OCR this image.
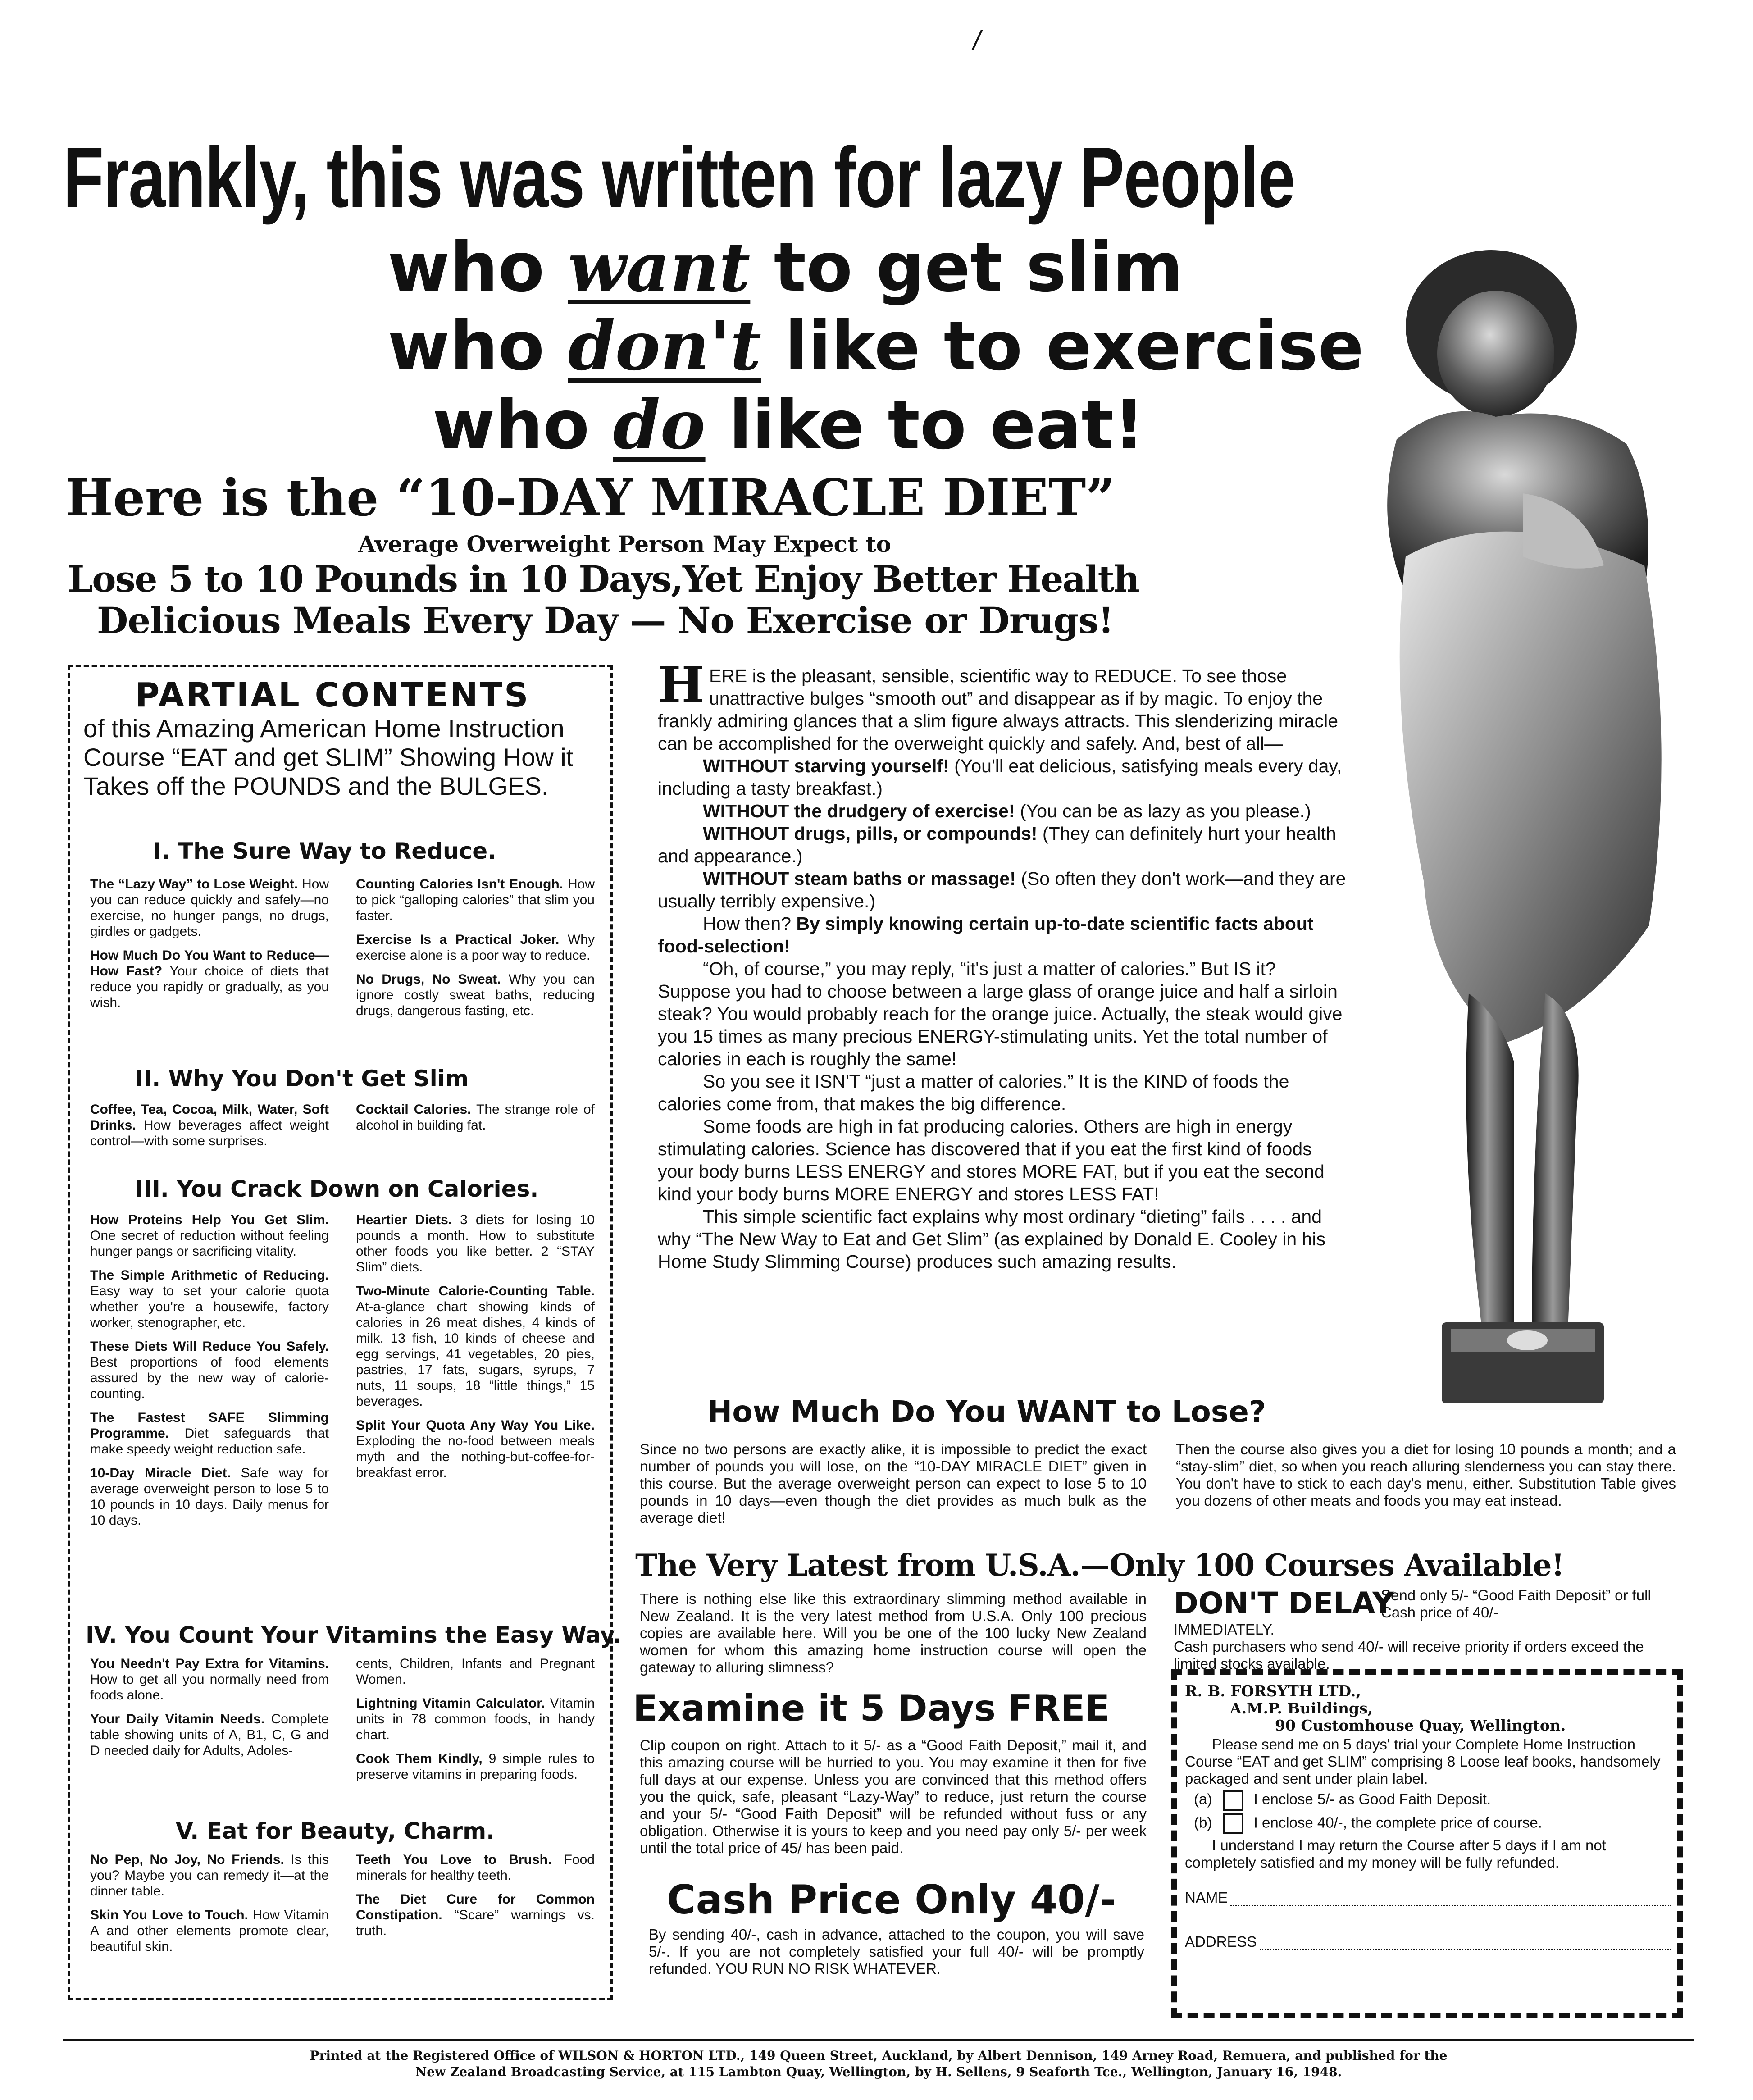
/
Frankly, this was written for lazy People
who want to get slim
who don't like to exercise
who do like to eat!
Here is the “10-DAY MIRACLE DIET”
Average Overweight Person May Expect to
Lose 5 to 10 Pounds in 10 Days,Yet Enjoy Better Health
Delicious Meals Every Day — No Exercise or Drugs!
PARTIAL CONTENTS
of this Amazing American Home Instruction Course “EAT and get SLIM” Showing How it Takes off the POUNDS and the BULGES.
I. The Sure Way to Reduce.
The “Lazy Way” to Lose Weight. How you can reduce quickly and safely—no exercise, no hunger pangs, no drugs, girdles or gadgets.
How Much Do You Want to Reduce—How Fast? Your choice of diets that reduce you rapidly or gradually, as you wish.
Counting Calories Isn't Enough. How to pick “galloping calories” that slim you faster.
Exercise Is a Practical Joker. Why exercise alone is a poor way to reduce.
No Drugs, No Sweat. Why you can ignore costly sweat baths, reducing drugs, dangerous fasting, etc.
II. Why You Don't Get Slim
Coffee, Tea, Cocoa, Milk, Water, Soft Drinks. How beverages affect weight control—with some surprises.
Cocktail Calories. The strange role of alcohol in building fat.
III. You Crack Down on Calories.
How Proteins Help You Get Slim. One secret of reduction without feeling hunger pangs or sacrificing vitality.
The Simple Arithmetic of Reducing. Easy way to set your calorie quota whether you're a housewife, factory worker, stenographer, etc.
These Diets Will Reduce You Safely. Best proportions of food elements assured by the new way of calorie-counting.
The Fastest SAFE Slimming Programme. Diet safeguards that make speedy weight reduction safe.
10-Day Miracle Diet. Safe way for average overweight person to lose 5 to 10 pounds in 10 days. Daily menus for 10 days.
Heartier Diets. 3 diets for losing 10 pounds a month. How to substitute other foods you like better. 2 “STAY Slim” diets.
Two-Minute Calorie-Counting Table. At-a-glance chart showing kinds of calories in 26 meat dishes, 4 kinds of milk, 13 fish, 10 kinds of cheese and egg servings, 41 vegetables, 20 pies, pastries, 17 fats, sugars, syrups, 7 nuts, 11 soups, 18 “little things,” 15 beverages.
Split Your Quota Any Way You Like. Exploding the no-food between meals myth and the nothing-but-coffee-for-breakfast error.
IV. You Count Your Vitamins the Easy Way.
You Needn't Pay Extra for Vitamins. How to get all you normally need from foods alone.
Your Daily Vitamin Needs. Complete table showing units of A, B1, C, G and D needed daily for Adults, Adoles-
cents, Children, Infants and Pregnant Women.
Lightning Vitamin Calculator. Vitamin units in 78 common foods, in handy chart.
Cook Them Kindly, 9 simple rules to preserve vitamins in preparing foods.
V. Eat for Beauty, Charm.
No Pep, No Joy, No Friends. Is this you? Maybe you can remedy it—at the dinner table.
Skin You Love to Touch. How Vitamin A and other elements promote clear, beautiful skin.
Teeth You Love to Brush. Food minerals for healthy teeth.
The Diet Cure for Common Constipation. “Scare” warnings vs. truth.

HERE is the pleasant, sensible, scientific way to REDUCE. To see those unattractive bulges “smooth out” and disappear as if by magic. To enjoy the frankly admiring glances that a slim figure always attracts. This slenderizing miracle can be accomplished for the overweight quickly and safely. And, best of all—

WITHOUT starving yourself! (You'll eat delicious, satisfying meals every day, including a tasty breakfast.)

WITHOUT the drudgery of exercise! (You can be as lazy as you please.)

WITHOUT drugs, pills, or compounds! (They can definitely hurt your health and appearance.)

WITHOUT steam baths or massage! (So often they don't work—and they are usually terribly expensive.)

How then? By simply knowing certain up-to-date scientific facts about food-selection!

“Oh, of course,” you may reply, “it's just a matter of calories.” But IS it? Suppose you had to choose between a large glass of orange juice and half a sirloin steak? You would probably reach for the orange juice. Actually, the steak would give you 15 times as many precious ENERGY-stimulating units. Yet the total number of calories in each is roughly the same!

So you see it ISN'T “just a matter of calories.” It is the KIND of foods the calories come from, that makes the big difference.

Some foods are high in fat producing calories. Others are high in energy stimulating calories. Science has discovered that if you eat the first kind of foods your body burns LESS ENERGY and stores MORE FAT, but if you eat the second kind your body burns MORE ENERGY and stores LESS FAT!

This simple scientific fact explains why most ordinary “dieting” fails . . . . and why “The New Way to Eat and Get Slim” (as explained by Donald E. Cooley in his Home Study Slimming Course) produces such amazing results.

How Much Do You WANT to Lose?
Since no two persons are exactly alike, it is impossible to predict the exact number of pounds you will lose, on the “10-DAY MIRACLE DIET” given in this course. But the average overweight person can expect to lose 5 to 10 pounds in 10 days—even though the diet provides as much bulk as the average diet!
Then the course also gives you a diet for losing 10 pounds a month; and a “stay-slim” diet, so when you reach alluring slenderness you can stay there. You don't have to stick to each day's menu, either. Substitution Table gives you dozens of other meats and foods you may eat instead.
The Very Latest from U.S.A.—Only 100 Courses Available!
There is nothing else like this extraordinary slimming method available in New Zealand. It is the very latest method from U.S.A. Only 100 precious copies are available here. Will you be one of the 100 lucky New Zealand women for whom this amazing home instruction course will open the gateway to alluring slimness?
Examine it 5 Days FREE
Clip coupon on right. Attach to it 5/- as a “Good Faith Deposit,” mail it, and this amazing course will be hurried to you. You may examine it then for five full days at our expense. Unless you are convinced that this method offers you the quick, safe, pleasant “Lazy-Way” to reduce, just return the course and your 5/- “Good Faith Deposit” will be refunded without fuss or any obligation. Otherwise it is yours to keep and you need pay only 5/- per week until the total price of 45/ has been paid.
Cash Price Only 40/-
By sending 40/-, cash in advance, attached to the coupon, you will save 5/-. If you are not completely satisfied your full 40/- will be promptly refunded. YOU RUN NO RISK WHATEVER.
DON'T DELAY
Send only 5/- “Good Faith Deposit” or full Cash price of 40/-
IMMEDIATELY.
Cash purchasers who send 40/- will receive priority if orders exceed the limited stocks available.
R. B. FORSYTH LTD.,
A.M.P. Buildings,
90 Customhouse Quay, Wellington.
Please send me on 5 days' trial your Complete Home Instruction Course “EAT and get SLIM” comprising 8 Loose leaf books, handsomely packaged and sent under plain label.
(a)	I enclose 5/- as Good Faith Deposit.
(b)	I enclose 40/-, the complete price of course.
I understand I may return the Course after 5 days if I am not completely satisfied and my money will be fully refunded.
NAME
ADDRESS
Printed at the Registered Office of WILSON & HORTON LTD., 149 Queen Street, Auckland, by Albert Dennison, 149 Arney Road, Remuera, and published for the
New Zealand Broadcasting Service, at 115 Lambton Quay, Wellington, by H. Sellens, 9 Seaforth Tce., Wellington, January 16, 1948.
